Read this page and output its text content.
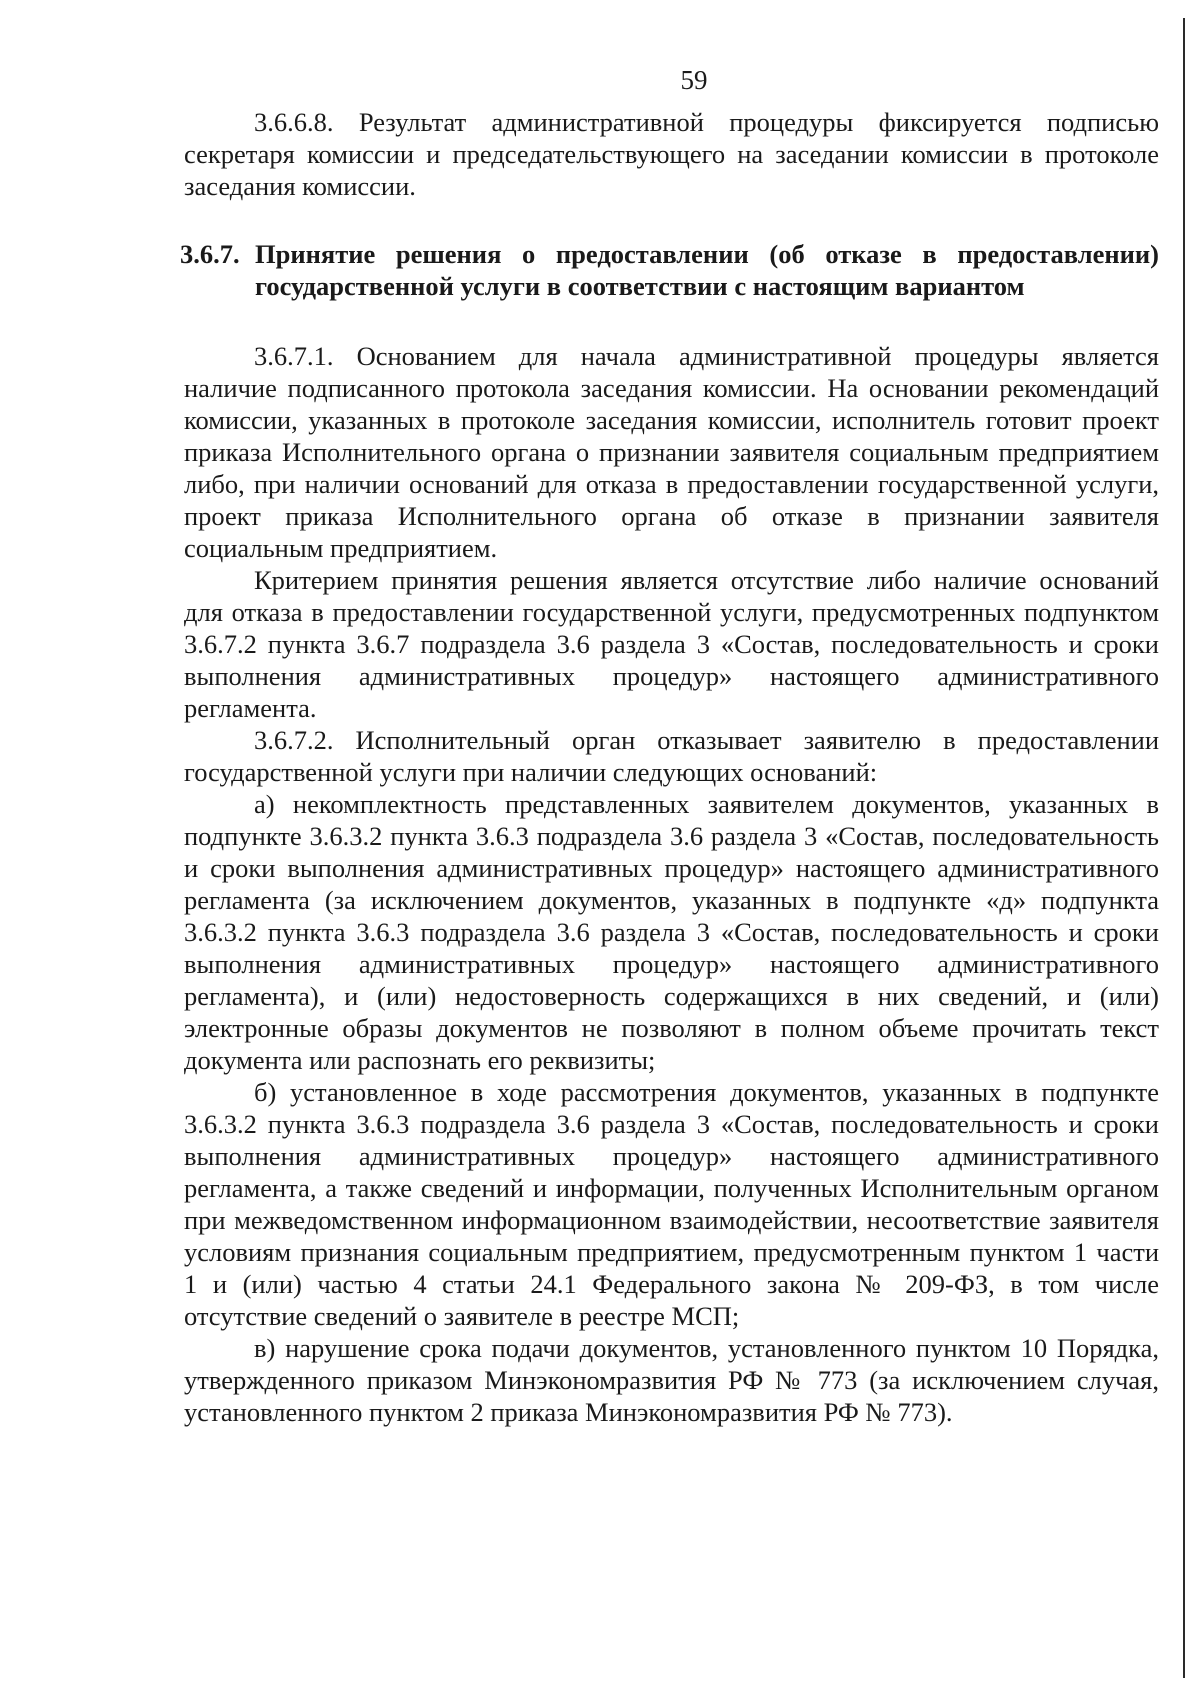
59

3.6.6.8. Результат административной процедуры фиксируется подписью секретаря комиссии и председательствующего на заседании комиссии в протоколе заседания комиссии.

3.6.7. Принятие решения о предоставлении (об отказе в предоставлении) государственной услуги в соответствии с настоящим вариантом

3.6.7.1. Основанием для начала административной процедуры является наличие подписанного протокола заседания комиссии. На основании рекомендаций комиссии, указанных в протоколе заседания комиссии, исполнитель готовит проект приказа Исполнительного органа о признании заявителя социальным предприятием либо, при наличии оснований для отказа в предоставлении государственной услуги, проект приказа Исполнительного органа об отказе в признании заявителя социальным предприятием.

Критерием принятия решения является отсутствие либо наличие оснований для отказа в предоставлении государственной услуги, предусмотренных подпунктом 3.6.7.2 пункта 3.6.7 подраздела 3.6 раздела 3 «Состав, последовательность и сроки выполнения административных процедур» настоящего административного регламента.

3.6.7.2. Исполнительный орган отказывает заявителю в предоставлении государственной услуги при наличии следующих оснований:

а) некомплектность представленных заявителем документов, указанных в подпункте 3.6.3.2 пункта 3.6.3 подраздела 3.6 раздела 3 «Состав, последовательность и сроки выполнения административных процедур» настоящего административного регламента (за исключением документов, указанных в подпункте «д» подпункта 3.6.3.2 пункта 3.6.3 подраздела 3.6 раздела 3 «Состав, последовательность и сроки выполнения административных процедур» настоящего административного регламента), и (или) недостоверность содержащихся в них сведений, и (или) электронные образы документов не позволяют в полном объеме прочитать текст документа или распознать его реквизиты;

б) установленное в ходе рассмотрения документов, указанных в подпункте 3.6.3.2 пункта 3.6.3 подраздела 3.6 раздела 3 «Состав, последовательность и сроки выполнения административных процедур» настоящего административного регламента, а также сведений и информации, полученных Исполнительным органом при межведомственном информационном взаимодействии, несоответствие заявителя условиям признания социальным предприятием, предусмотренным пунктом 1 части 1 и (или) частью 4 статьи 24.1 Федерального закона № 209-ФЗ, в том числе отсутствие сведений о заявителе в реестре МСП;

в) нарушение срока подачи документов, установленного пунктом 10 Порядка, утвержденного приказом Минэкономразвития РФ № 773 (за исключением случая, установленного пунктом 2 приказа Минэкономразвития РФ № 773).
